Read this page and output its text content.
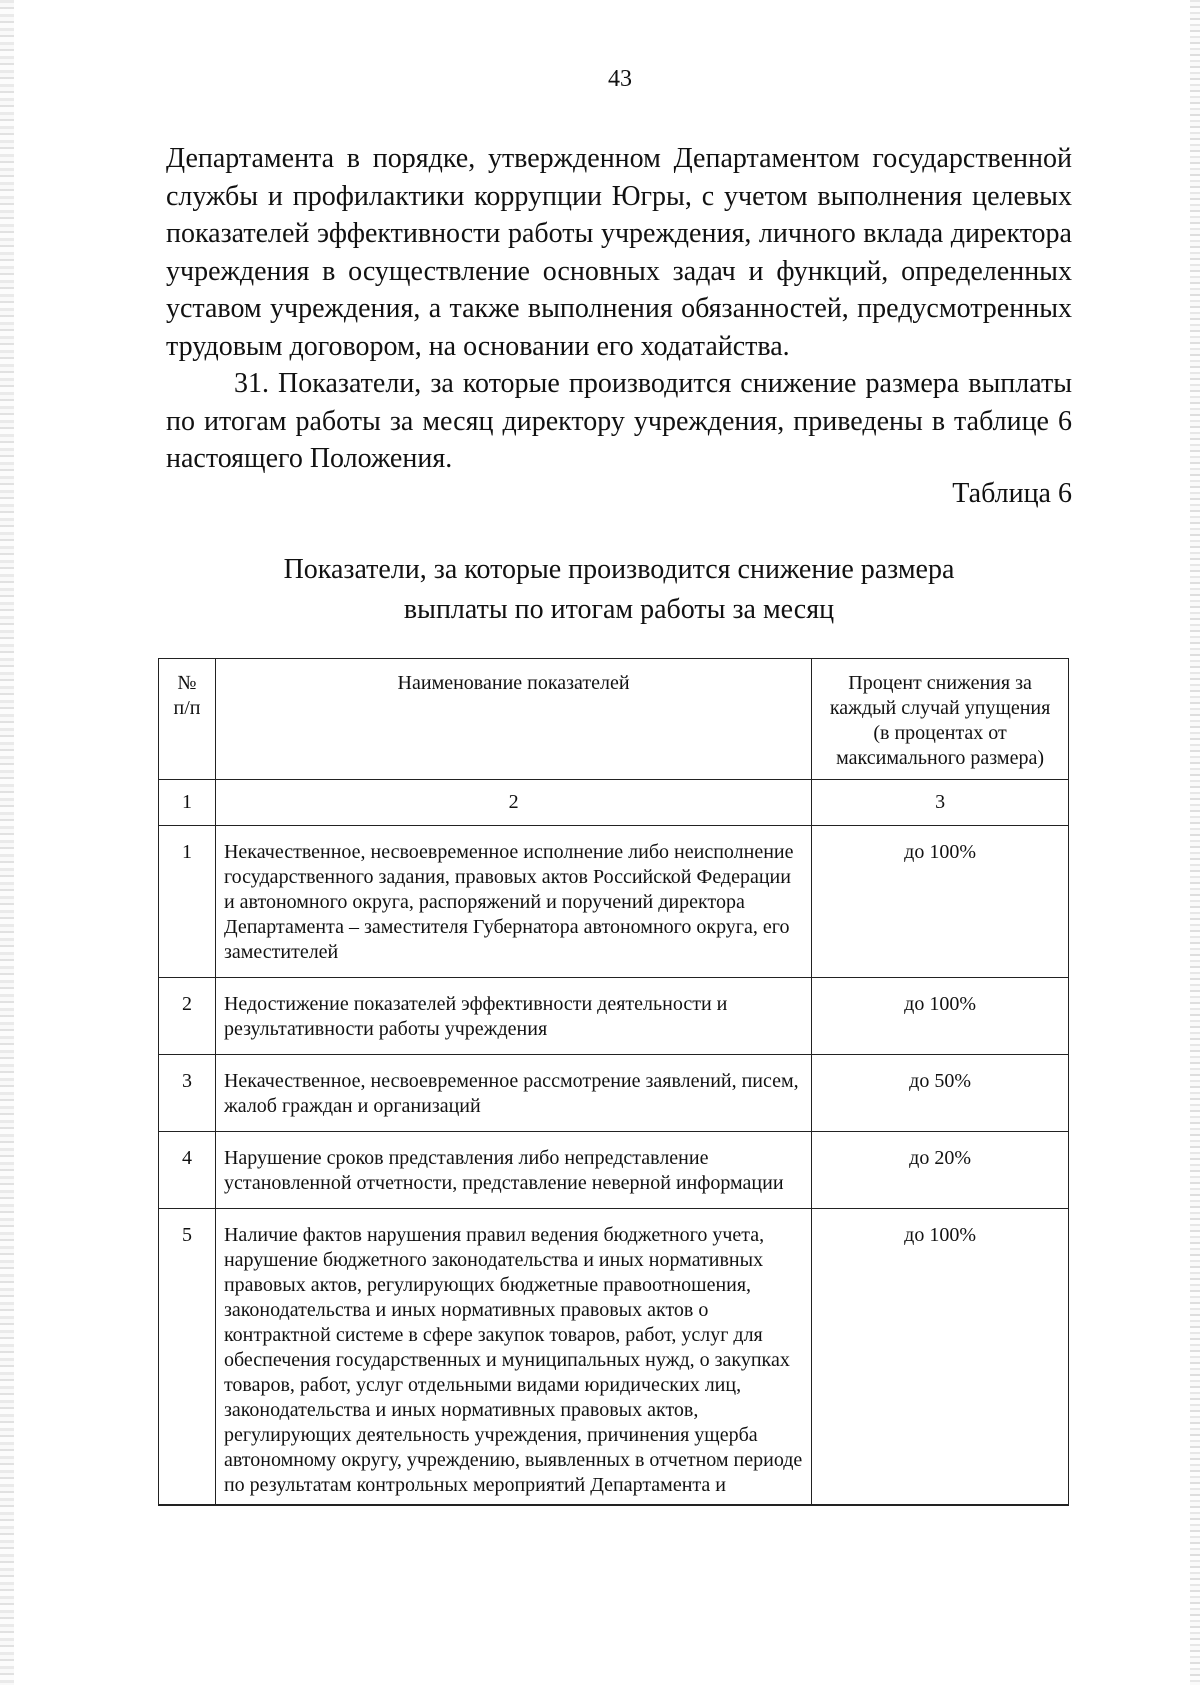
43

Департамента в порядке, утвержденном Департаментом государственной службы и профилактики коррупции Югры, с учетом выполнения целевых показателей эффективности работы учреждения, личного вклада директора учреждения в осуществление основных задач и функций, определенных уставом учреждения, а также выполнения обязанностей, предусмотренных трудовым договором, на основании его ходатайства.

31. Показатели, за которые производится снижение размера выплаты по итогам работы за месяц директору учреждения, приведены в таблице 6 настоящего Положения.

Таблица 6
Показатели, за которые производится снижение размера
выплаты по итогам работы за месяц
№ п/п	Наименование показателей	Процент снижения за каждый случай упущения (в процентах от максимального размера)
1	2	3
1	Некачественное, несвоевременное исполнение либо неисполнение государственного задания, правовых актов Российской Федерации и автономного округа, распоряжений и поручений директора Департамента – заместителя Губернатора автономного округа, его заместителей	до 100%
2	Недостижение показателей эффективности деятельности и результативности работы учреждения	до 100%
3	Некачественное, несвоевременное рассмотрение заявлений, писем, жалоб граждан и организаций	до 50%
4	Нарушение сроков представления либо непредставление установленной отчетности, представление неверной информации	до 20%
5	Наличие фактов нарушения правил ведения бюджетного учета, нарушение бюджетного законодательства и иных нормативных правовых актов, регулирующих бюджетные правоотношения, законодательства и иных нормативных правовых актов о контрактной системе в сфере закупок товаров, работ, услуг для обеспечения государственных и муниципальных нужд, о закупках товаров, работ, услуг отдельными видами юридических лиц, законодательства и иных нормативных правовых актов, регулирующих деятельность учреждения, причинения ущерба автономному округу, учреждению, выявленных в отчетном периоде по результатам контрольных мероприятий Департамента и	до 100%
